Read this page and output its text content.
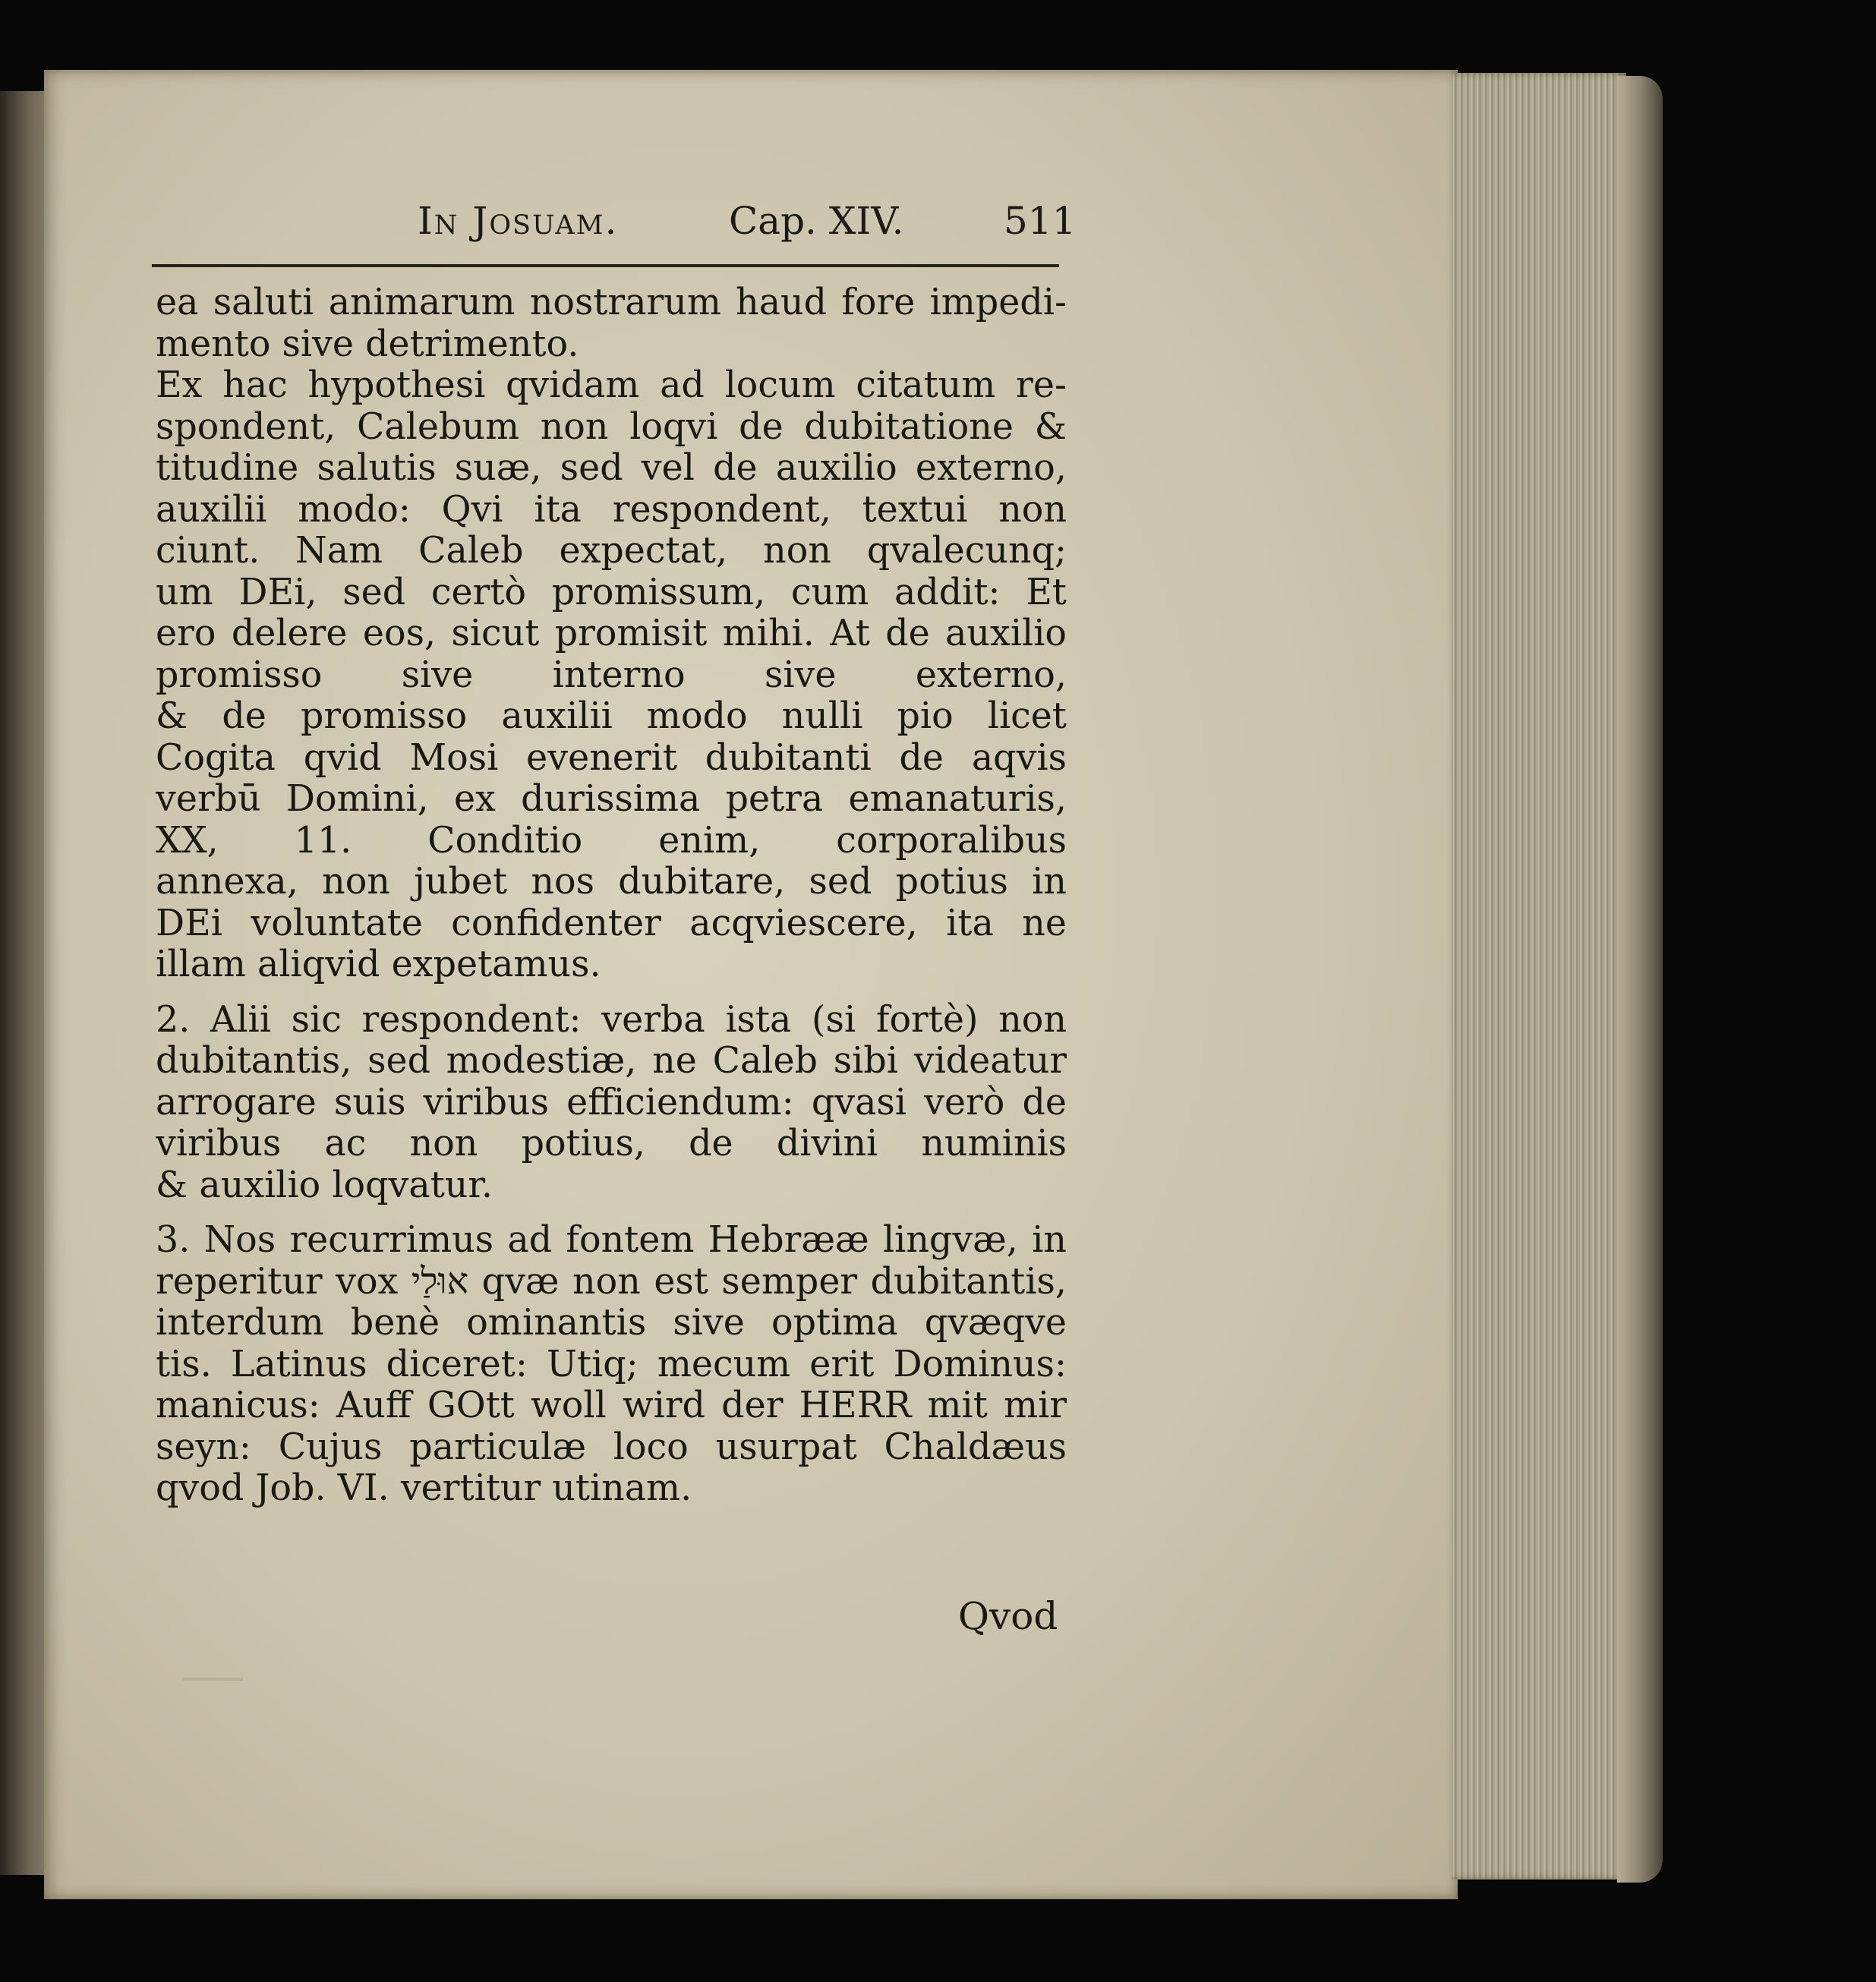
In Josuam.	Cap. XIV.	511
ea saluti animarum nostrarum haud fore impedi-
mento sive detrimento.
Ex hac hypothesi qvidam ad locum citatum re-
spondent, Calebum non loqvi de dubitatione &
titudine salutis suæ, sed vel de auxilio externo,
auxilii modo: Qvi ita respondent, textui non
ciunt. Nam Caleb expectat, non qvalecunq;
um DEi, sed certò promissum, cum addit: Et
ero delere eos, sicut promisit mihi. At de auxilio
promisso sive interno sive externo,
& de promisso auxilii modo nulli pio licet
Cogita qvid Mosi evenerit dubitanti de aqvis
verbū Domini, ex durissima petra emanaturis,
XX, 11. Conditio enim, corporalibus
annexa, non jubet nos dubitare, sed potius in
DEi voluntate confidenter acqviescere, ita ne
illam aliqvid expetamus.
2. Alii sic respondent: verba ista (si fortè) non
dubitantis, sed modestiæ, ne Caleb sibi videatur
arrogare suis viribus efficiendum: qvasi verò de
viribus ac non potius, de divini numinis
& auxilio loqvatur.
3. Nos recurrimus ad fontem Hebrææ lingvæ, in
reperitur vox אוּלַי qvæ non est semper dubitantis,
interdum benè ominantis sive optima qvæqve
tis. Latinus diceret: Utiq; mecum erit Dominus:
manicus: Auff GOtt woll wird der HERR mit mir
seyn: Cujus particulæ loco usurpat Chaldæus
qvod Job. VI. vertitur utinam.
Qvod
